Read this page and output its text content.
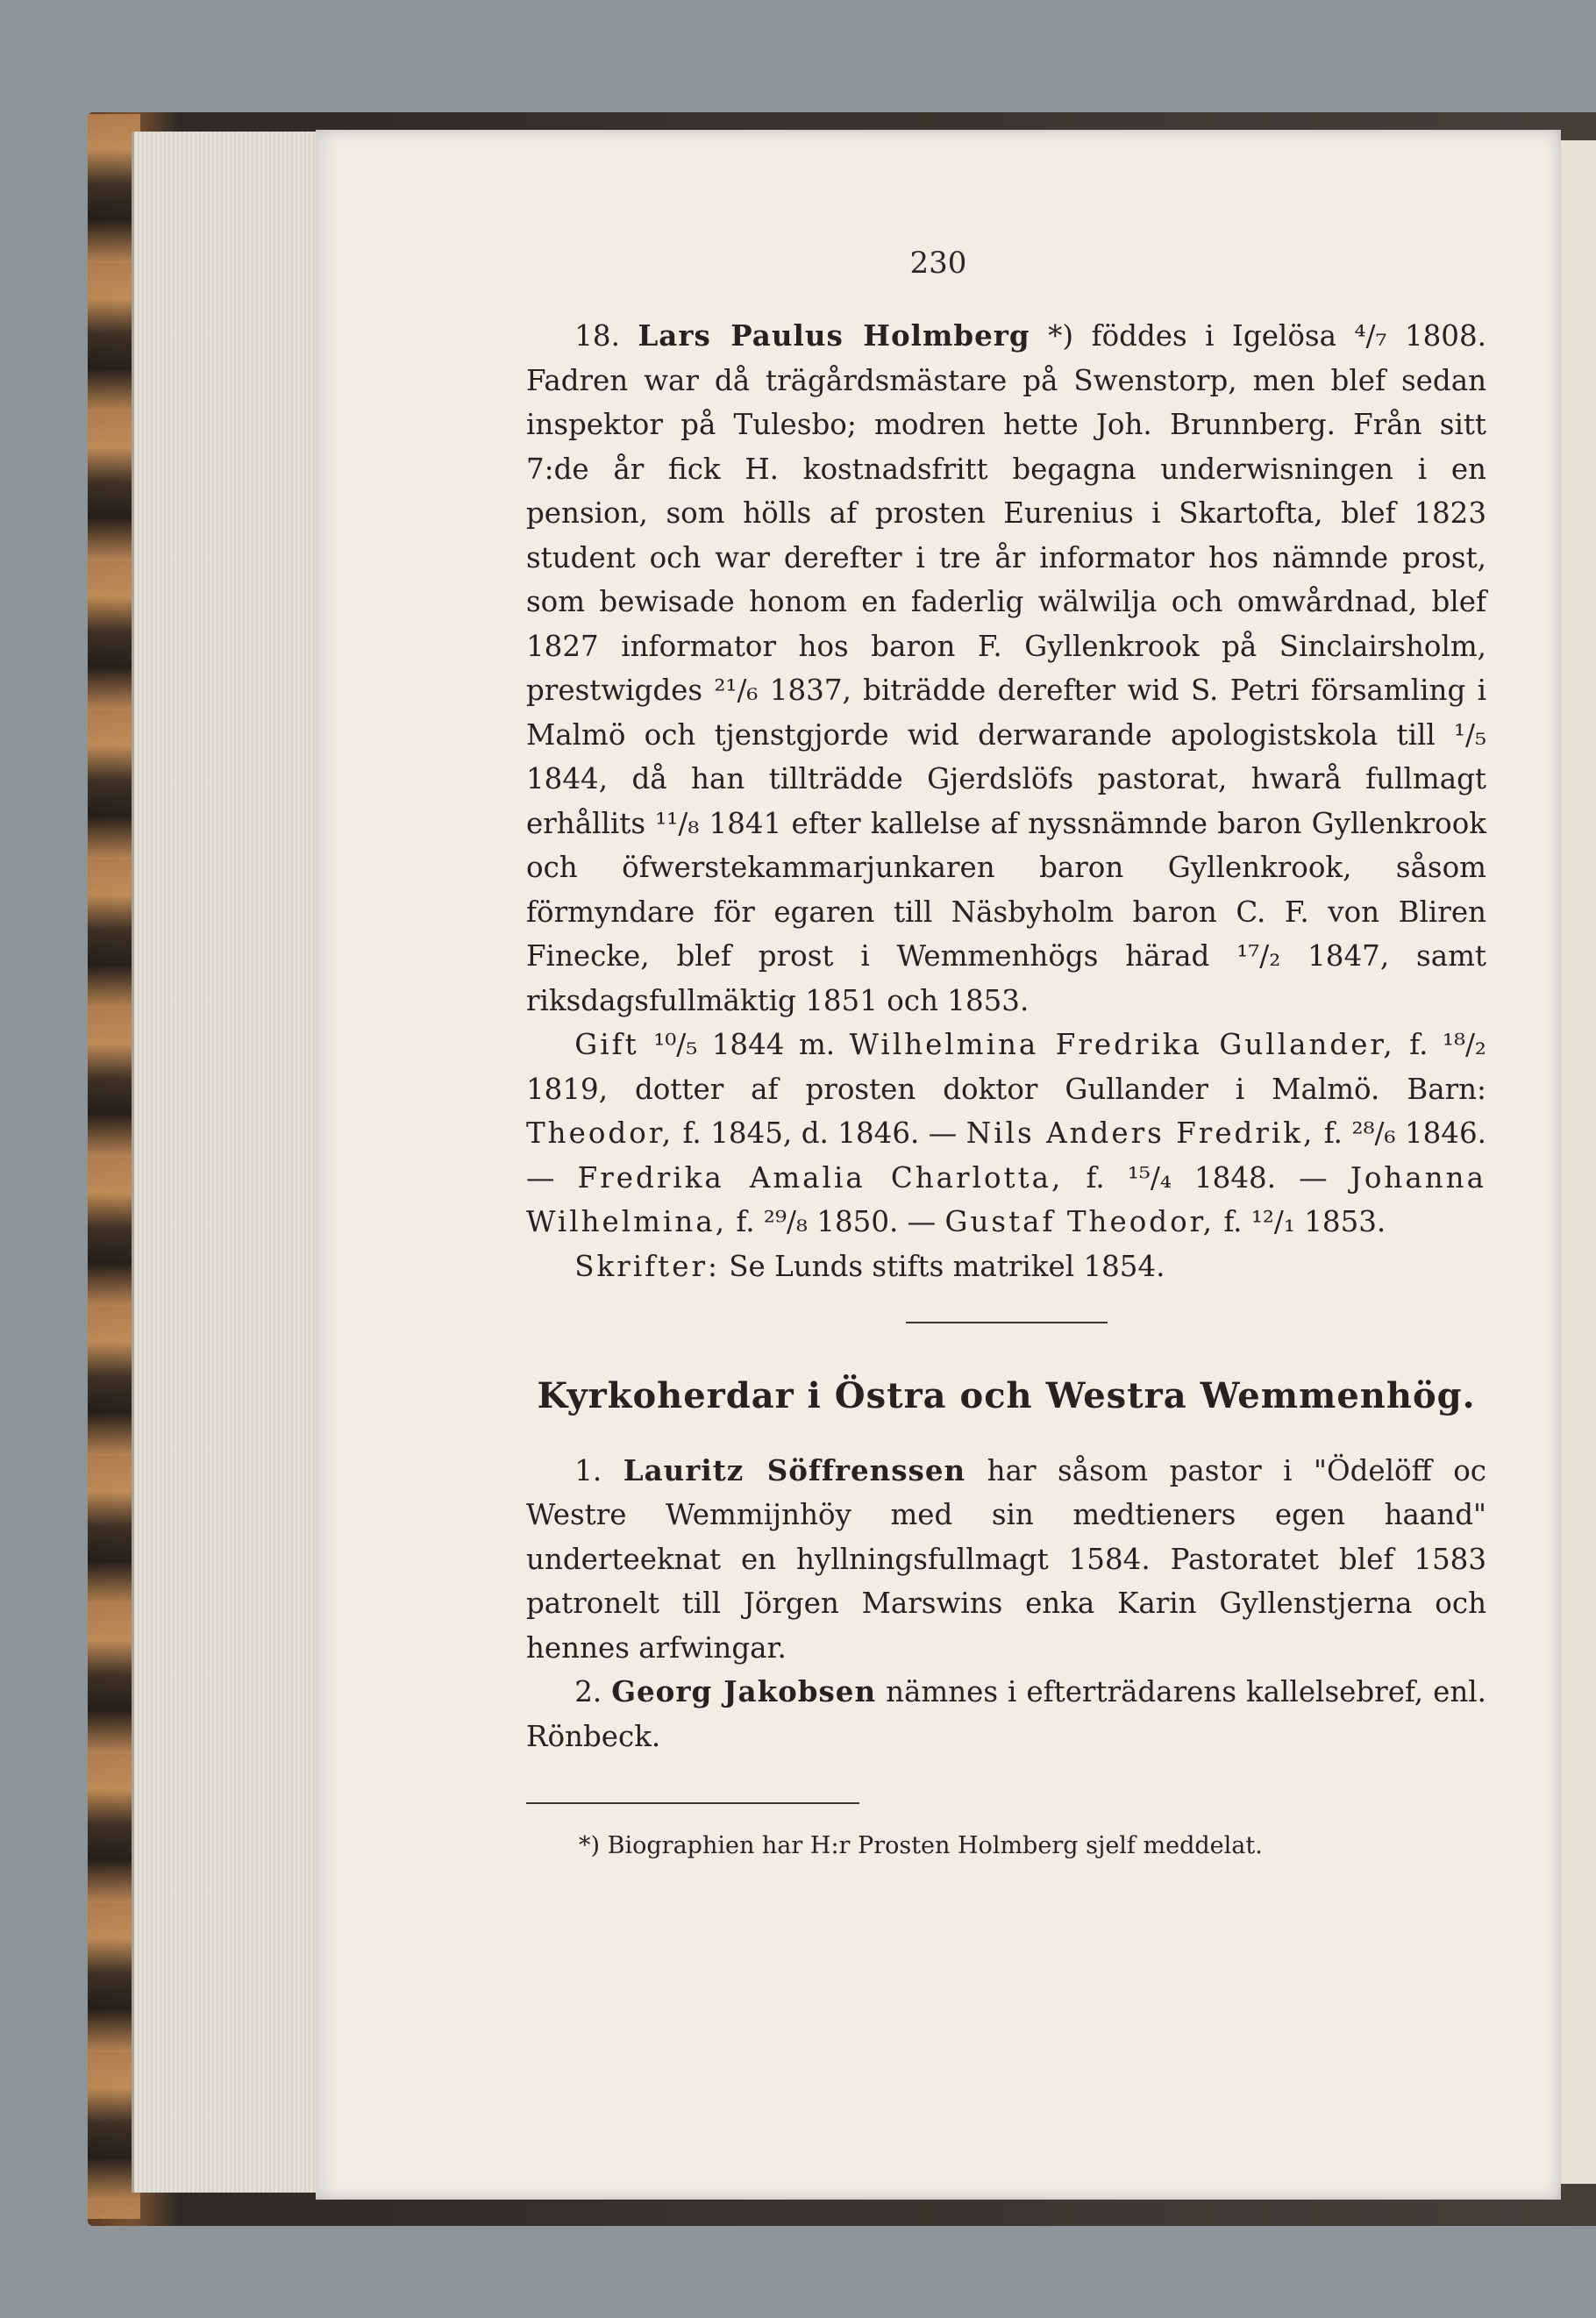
230

18. Lars Paulus Holmberg *) föddes i Igelösa ⁴/₇ 1808. Fadren war då trägårdsmästare på Swenstorp, men blef sedan inspektor på Tulesbo; modren hette Joh. Brunnberg. Från sitt 7:de år fick H. kostnadsfritt begagna underwisningen i en pension, som hölls af prosten Eurenius i Skartofta, blef 1823 student och war derefter i tre år informator hos nämnde prost, som bewisade honom en faderlig wälwilja och omwårdnad, blef 1827 informator hos baron F. Gyllenkrook på Sinclairsholm, prestwigdes ²¹/₆ 1837, biträdde derefter wid S. Petri församling i Malmö och tjenstgjorde wid derwarande apologistskola till ¹/₅ 1844, då han tillträdde Gjerdslöfs pastorat, hwarå fullmagt erhållits ¹¹/₈ 1841 efter kallelse af nyssnämnde baron Gyllenkrook och öfwerstekammarjunkaren baron Gyllenkrook, såsom förmyndare för egaren till Näsbyholm baron C. F. von Bliren Finecke, blef prost i Wemmenhögs härad ¹⁷/₂ 1847, samt riksdagsfullmäktig 1851 och 1853.

Gift ¹⁰/₅ 1844 m. Wilhelmina Fredrika Gullander, f. ¹⁸/₂ 1819, dotter af prosten doktor Gullander i Malmö. Barn: Theodor, f. 1845, d. 1846. — Nils Anders Fredrik, f. ²⁸/₆ 1846. — Fredrika Amalia Charlotta, f. ¹⁵/₄ 1848. — Johanna Wilhelmina, f. ²⁹/₈ 1850. — Gustaf Theodor, f. ¹²/₁ 1853.

Skrifter: Se Lunds stifts matrikel 1854.

Kyrkoherdar i Östra och Westra Wemmenhög.

1. Lauritz Söffrenssen har såsom pastor i "Ödelöff oc Westre Wemmijnhöy med sin medtieners egen haand" underteeknat en hyllningsfullmagt 1584. Pastoratet blef 1583 patronelt till Jörgen Marswins enka Karin Gyllenstjerna och hennes arfwingar.

2. Georg Jakobsen nämnes i efterträdarens kallelsebref, enl. Rönbeck.

*) Biographien har H:r Prosten Holmberg sjelf meddelat.
